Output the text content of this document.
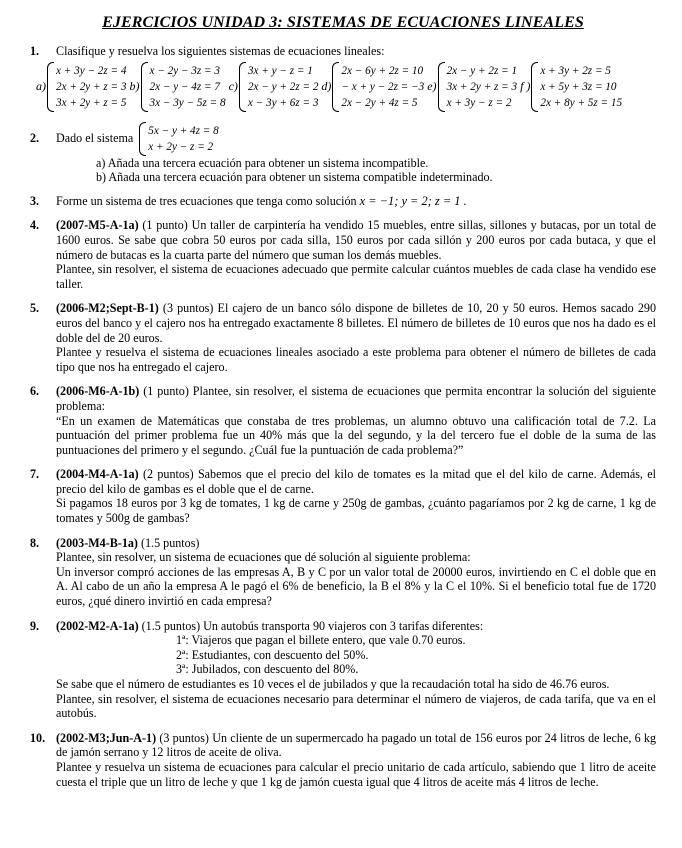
EJERCICIOS UNIDAD 3: SISTEMAS DE ECUACIONES LINEALES
1. Clasifique y resuelva los siguientes sistemas de ecuaciones lineales:

a)
x + 3y − 2z = 4
2x + 2y + z = 3
3x + 2y + z = 5
b)
x − 2y − 3z = 3
2x − y − 4z = 7
3x − 3y − 5z = 8
c)
3x + y − z = 1
2x − y + 2z = 2
x − 3y + 6z = 3
d)
2x − 6y + 2z = 10
− x + y − 2z = −3
2x − 2y + 4z = 5
e)
2x − y + 2z = 1
3x + 2y + z = 3
x + 3y − z = 2
f )
x + 3y + 2z = 5
x + 5y + 3z = 10
2x + 8y + 5z = 15
2. Dado el sistema
5x − y + 4z = 8
x + 2y − z = 2
a) Añada una tercera ecuación para obtener un sistema incompatible.
b) Añada una tercera ecuación para obtener un sistema compatible indeterminado.
3. Forme un sistema de tres ecuaciones que tenga como solución x = −1; y = 2; z = 1 .

4. (2007-M5-A-1a) (1 punto) Un taller de carpintería ha vendido 15 muebles, entre sillas, sillones y butacas, por un total de 1600 euros. Se sabe que cobra 50 euros por cada silla, 150 euros por cada sillón y 200 euros por cada butaca, y que el número de butacas es la cuarta parte del número que suman los demás muebles.

Plantee, sin resolver, el sistema de ecuaciones adecuado que permite calcular cuántos muebles de cada clase ha vendido ese taller.

5. (2006-M2;Sept-B-1) (3 puntos) El cajero de un banco sólo dispone de billetes de 10, 20 y 50 euros. Hemos sacado 290 euros del banco y el cajero nos ha entregado exactamente 8 billetes. El número de billetes de 10 euros que nos ha dado es el doble del de 20 euros.

Plantee y resuelva el sistema de ecuaciones lineales asociado a este problema para obtener el número de billetes de cada tipo que nos ha entregado el cajero.

6. (2006-M6-A-1b) (1 punto) Plantee, sin resolver, el sistema de ecuaciones que permita encontrar la solución del siguiente problema:

“En un examen de Matemáticas que constaba de tres problemas, un alumno obtuvo una calificación total de 7.2. La puntuación del primer problema fue un 40% más que la del segundo, y la del tercero fue el doble de la suma de las puntuaciones del primero y el segundo. ¿Cuál fue la puntuación de cada problema?”

7. (2004-M4-A-1a) (2 puntos) Sabemos que el precio del kilo de tomates es la mitad que el del kilo de carne. Además, el precio del kilo de gambas es el doble que el de carne.

Si pagamos 18 euros por 3 kg de tomates, 1 kg de carne y 250g de gambas, ¿cuánto pagaríamos por 2 kg de carne, 1 kg de tomates y 500g de gambas?

8. (2003-M4-B-1a) (1.5 puntos)

Plantee, sin resolver, un sistema de ecuaciones que dé solución al siguiente problema:

Un inversor compró acciones de las empresas A, B y C por un valor total de 20000 euros, invirtiendo en C el doble que en A. Al cabo de un año la empresa A le pagó el 6% de beneficio, la B el 8% y la C el 10%. Si el beneficio total fue de 1720 euros, ¿qué dinero invirtió en cada empresa?

9. (2002-M2-A-1a) (1.5 puntos) Un autobús transporta 90 viajeros con 3 tarifas diferentes:

1ª: Viajeros que pagan el billete entero, que vale 0.70 euros.
2ª: Estudiantes, con descuento del 50%.
3ª: Jubilados, con descuento del 80%.

Se sabe que el número de estudiantes es 10 veces el de jubilados y que la recaudación total ha sido de 46.76 euros.

Plantee, sin resolver, el sistema de ecuaciones necesario para determinar el número de viajeros, de cada tarifa, que va en el autobús.

10. (2002-M3;Jun-A-1) (3 puntos) Un cliente de un supermercado ha pagado un total de 156 euros por 24 litros de leche, 6 kg de jamón serrano y 12 litros de aceite de oliva.

Plantee y resuelva un sistema de ecuaciones para calcular el precio unitario de cada artículo, sabiendo que 1 litro de aceite cuesta el triple que un litro de leche y que 1 kg de jamón cuesta igual que 4 litros de aceite más 4 litros de leche.
